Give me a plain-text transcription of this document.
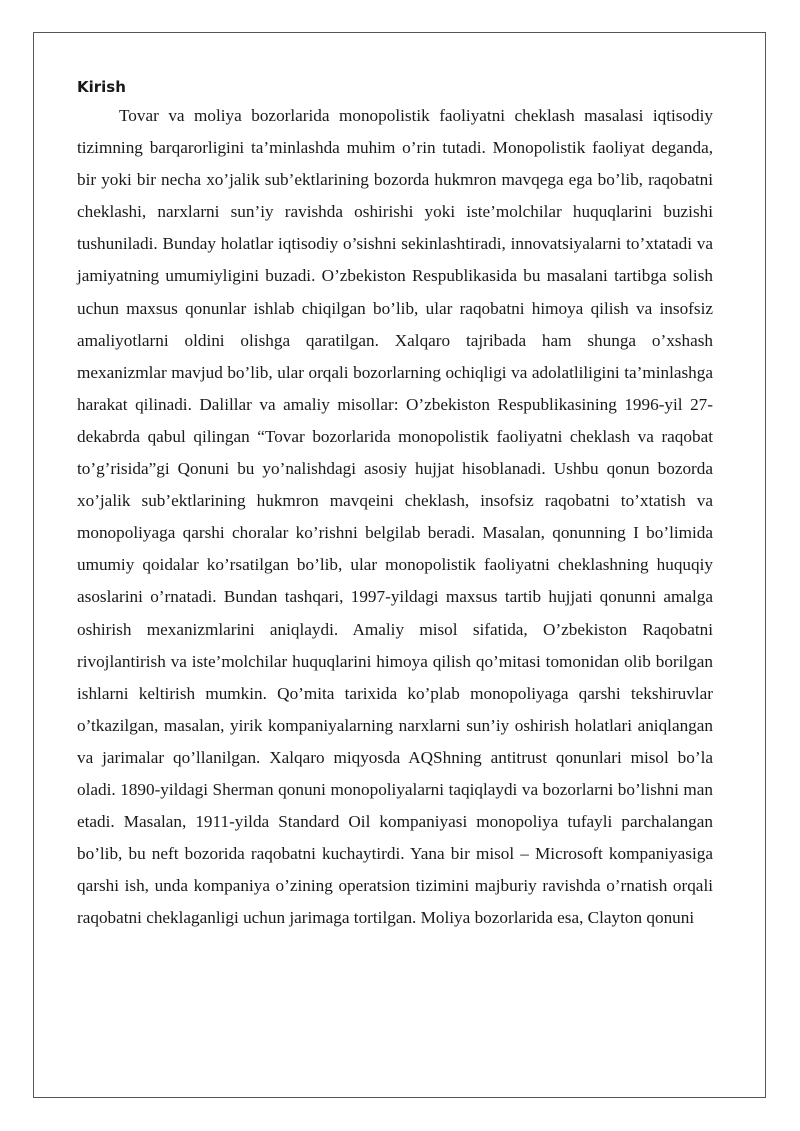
Kirish

Tovar va moliya bozorlarida monopolistik faoliyatni cheklash masalasi iqtisodiy tizimning barqarorligini ta’minlashda muhim o’rin tutadi. Monopolistik faoliyat deganda, bir yoki bir necha xo’jalik sub’ektlarining bozorda hukmron mavqega ega bo’lib, raqobatni cheklashi, narxlarni sun’iy ravishda oshirishi yoki iste’molchilar huquqlarini buzishi tushuniladi. Bunday holatlar iqtisodiy o’sishni sekinlashtiradi, innovatsiyalarni to’xtatadi va jamiyatning umumiyligini buzadi. O’zbekiston Respublikasida bu masalani tartibga solish uchun maxsus qonunlar ishlab chiqilgan bo’lib, ular raqobatni himoya qilish va insofsiz amaliyotlarni oldini olishga qaratilgan. Xalqaro tajribada ham shunga o’xshash mexanizmlar mavjud bo’lib, ular orqali bozorlarning ochiqligi va adolatliligini ta’minlashga harakat qilinadi. Dalillar va amaliy misollar: O’zbekiston Respublikasining 1996-yil 27-dekabrda qabul qilingan “Tovar bozorlarida monopolistik faoliyatni cheklash va raqobat to’g’risida”gi Qonuni bu yo’nalishdagi asosiy hujjat hisoblanadi. Ushbu qonun bozorda xo’jalik sub’ektlarining hukmron mavqeini cheklash, insofsiz raqobatni to’xtatish va monopoliyaga qarshi choralar ko’rishni belgilab beradi. Masalan, qonunning I bo’limida umumiy qoidalar ko’rsatilgan bo’lib, ular monopolistik faoliyatni cheklashning huquqiy asoslarini o’rnatadi. Bundan tashqari, 1997-yildagi maxsus tartib hujjati qonunni amalga oshirish mexanizmlarini aniqlaydi. Amaliy misol sifatida, O’zbekiston Raqobatni rivojlantirish va iste’molchilar huquqlarini himoya qilish qo’mitasi tomonidan olib borilgan ishlarni keltirish mumkin. Qo’mita tarixida ko’plab monopoliyaga qarshi tekshiruvlar o’tkazilgan, masalan, yirik kompaniyalarning narxlarni sun’iy oshirish holatlari aniqlangan va jarimalar qo’llanilgan. Xalqaro miqyosda AQShning antitrust qonunlari misol bo’la oladi. 1890-yildagi Sherman qonuni monopoliyalarni taqiqlaydi va bozorlarni bo’lishni man etadi. Masalan, 1911-yilda Standard Oil kompaniyasi monopoliya tufayli parchalangan bo’lib, bu neft bozorida raqobatni kuchaytirdi. Yana bir misol – Microsoft kompaniyasiga qarshi ish, unda kompaniya o’zining operatsion tizimini majburiy ravishda o’rnatish orqali raqobatni cheklaganligi uchun jarimaga tortilgan. Moliya bozorlarida esa, Clayton qonuni
